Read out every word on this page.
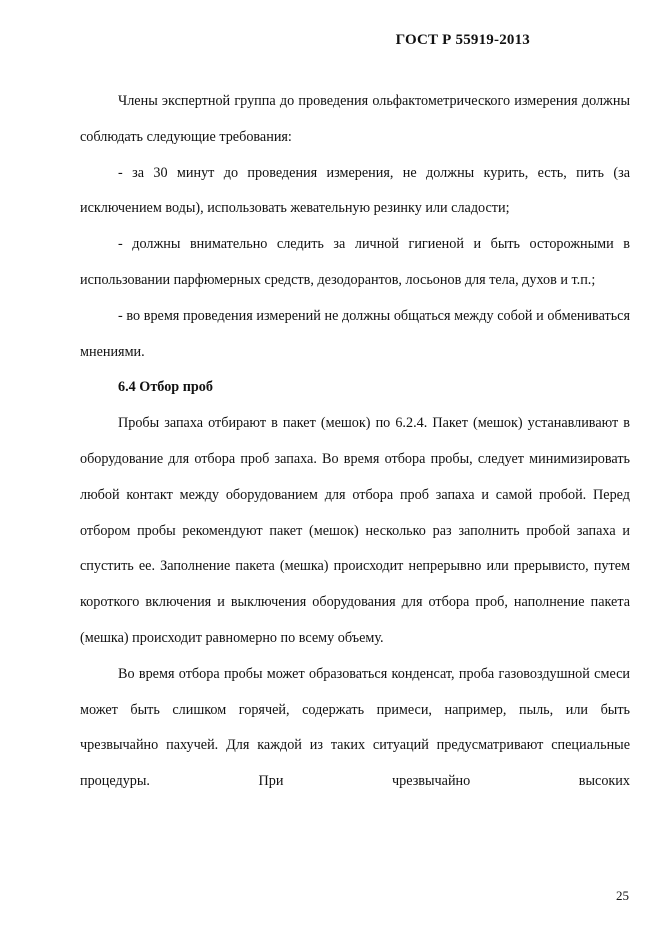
ГОСТ Р 55919-2013

Члены экспертной группа до проведения ольфактометрического измерения должны соблюдать следующие требования:

- за 30 минут до проведения измерения, не должны курить, есть, пить (за исключением воды), использовать жевательную резинку или сладости;

- должны внимательно следить за личной гигиеной и быть осторожными в использовании парфюмерных средств, дезодорантов, лосьонов для тела, духов и т.п.;

- во время проведения измерений не должны общаться между собой и обмениваться мнениями.

6.4 Отбор проб

Пробы запаха отбирают в пакет (мешок) по 6.2.4. Пакет (мешок) устанавливают в оборудование для отбора проб запаха. Во время отбора пробы, следует минимизировать любой контакт между оборудованием для отбора проб запаха и самой пробой. Перед отбором пробы рекомендуют пакет (мешок) несколько раз заполнить пробой запаха и спустить ее. Заполнение пакета (мешка) происходит непрерывно или прерывисто, путем короткого включения и выключения оборудования для отбора проб, наполнение пакета (мешка) происходит равномерно по всему объему.

Во время отбора пробы может образоваться конденсат, проба газовоздушной смеси может быть слишком горячей, содержать примеси, например, пыль, или быть чрезвычайно пахучей. Для каждой из таких ситуаций предусматривают специальные процедуры. При чрезвычайно высоких

25
